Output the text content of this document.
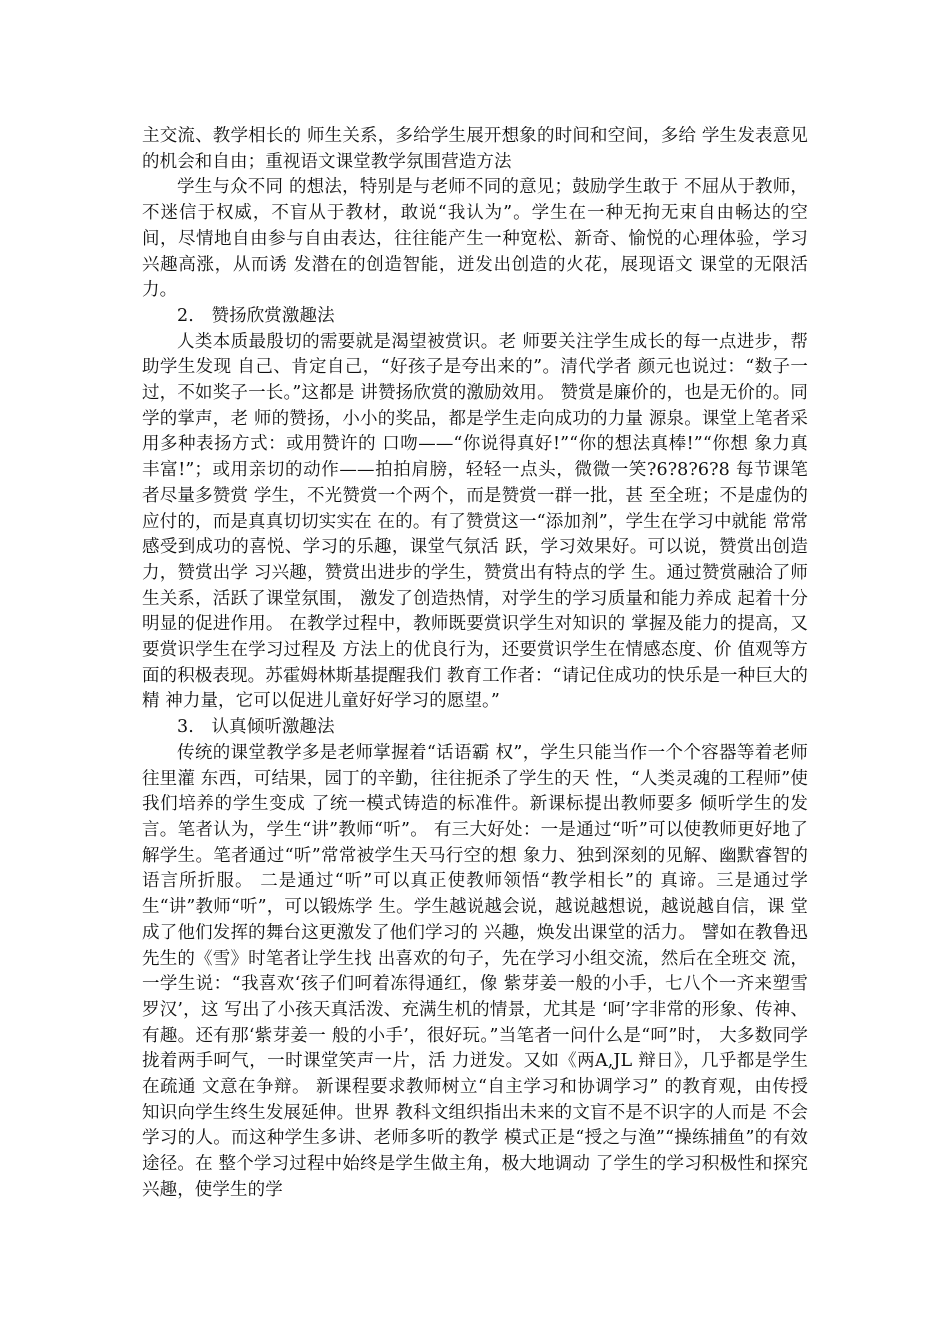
主交流、教学相长的 师生关系，多给学生展开想象的时间和空间，多给 学生发表意见的机会和自由；重视语文课堂教学氛围营造方法

学生与众不同 的想法，特别是与老师不同的意见；鼓励学生敢于 不屈从于教师，不迷信于权威，不盲从于教材，敢说“我认为”。学生在一种无拘无束自由畅达的空 间，尽情地自由参与自由表达，往往能产生一种宽松、新奇、愉悦的心理体验，学习兴趣高涨，从而诱 发潜在的创造智能，迸发出创造的火花，展现语文 课堂的无限活力。

2.　赞扬欣赏激趣法

人类本质最殷切的需要就是渴望被赏识。老 师要关注学生成长的每一点进步，帮助学生发现 自己、肯定自己，“好孩子是夸出来的”。清代学者 颜元也说过：“数子一过，不如奖子一长。”这都是 讲赞扬欣赏的激励效用。 赞赏是廉价的，也是无价的。同学的掌声，老 师的赞扬，小小的奖品，都是学生走向成功的力量 源泉。课堂上笔者采用多种表扬方式：或用赞许的 口吻——“你说得真好!”“你的想法真棒!”“你想 象力真丰富!”；或用亲切的动作——拍拍肩膀，轻轻一点头，微微一笑?6?8?6?8 每节课笔者尽量多赞赏 学生，不光赞赏一个两个，而是赞赏一群一批，甚 至全班；不是虚伪的应付的，而是真真切切实实在 在的。有了赞赏这一“添加剂”，学生在学习中就能 常常感受到成功的喜悦、学习的乐趣，课堂气氛活 跃，学习效果好。可以说，赞赏出创造力，赞赏出学 习兴趣，赞赏出进步的学生，赞赏出有特点的学 生。通过赞赏融洽了师生关系，活跃了课堂氛围， 激发了创造热情，对学生的学习质量和能力养成 起着十分明显的促进作用。 在教学过程中，教师既要赏识学生对知识的 掌握及能力的提高，又要赏识学生在学习过程及 方法上的优良行为，还要赏识学生在情感态度、价 值观等方面的积极表现。苏霍姆林斯基提醒我们 教育工作者：“请记住成功的快乐是一种巨大的精 神力量，它可以促进儿童好好学习的愿望。”

3.　认真倾听激趣法

传统的课堂教学多是老师掌握着“话语霸 权”，学生只能当作一个个容器等着老师往里灌 东西，可结果，园丁的辛勤，往往扼杀了学生的天 性，“人类灵魂的工程师”使我们培养的学生变成 了统一模式铸造的标准件。新课标提出教师要多 倾听学生的发言。笔者认为，学生“讲”教师“听”。 有三大好处：一是通过“听”可以使教师更好地了 解学生。笔者通过“听”常常被学生天马行空的想 象力、独到深刻的见解、幽默睿智的语言所折服。 二是通过“听”可以真正使教师领悟“教学相长”的 真谛。三是通过学生“讲”教师“听”，可以锻炼学 生。学生越说越会说，越说越想说，越说越自信，课 堂成了他们发挥的舞台这更激发了他们学习的 兴趣，焕发出课堂的活力。 譬如在教鲁迅先生的《雪》时笔者让学生找 出喜欢的句子，先在学习小组交流，然后在全班交 流，一学生说：“我喜欢‘孩子们呵着冻得通红，像 紫芽姜一般的小手，七八个一齐来塑雪罗汉’，这 写出了小孩天真活泼、充满生机的情景，尤其是 ‘呵’字非常的形象、传神、有趣。还有那‘紫芽姜一 般的小手’，很好玩。”当笔者一问什么是“呵”时， 大多数同学拢着两手呵气，一时课堂笑声一片，活 力迸发。又如《两A,JL 辩日》，几乎都是学生在疏通 文意在争辩。 新课程要求教师树立“自主学习和协调学习” 的教育观，由传授知识向学生终生发展延伸。世界 教科文组织指出未来的文盲不是不识字的人而是 不会学习的人。而这种学生多讲、老师多听的教学 模式正是“授之与渔”“操练捕鱼”的有效途径。在 整个学习过程中始终是学生做主角，极大地调动 了学生的学习积极性和探究兴趣，使学生的学
